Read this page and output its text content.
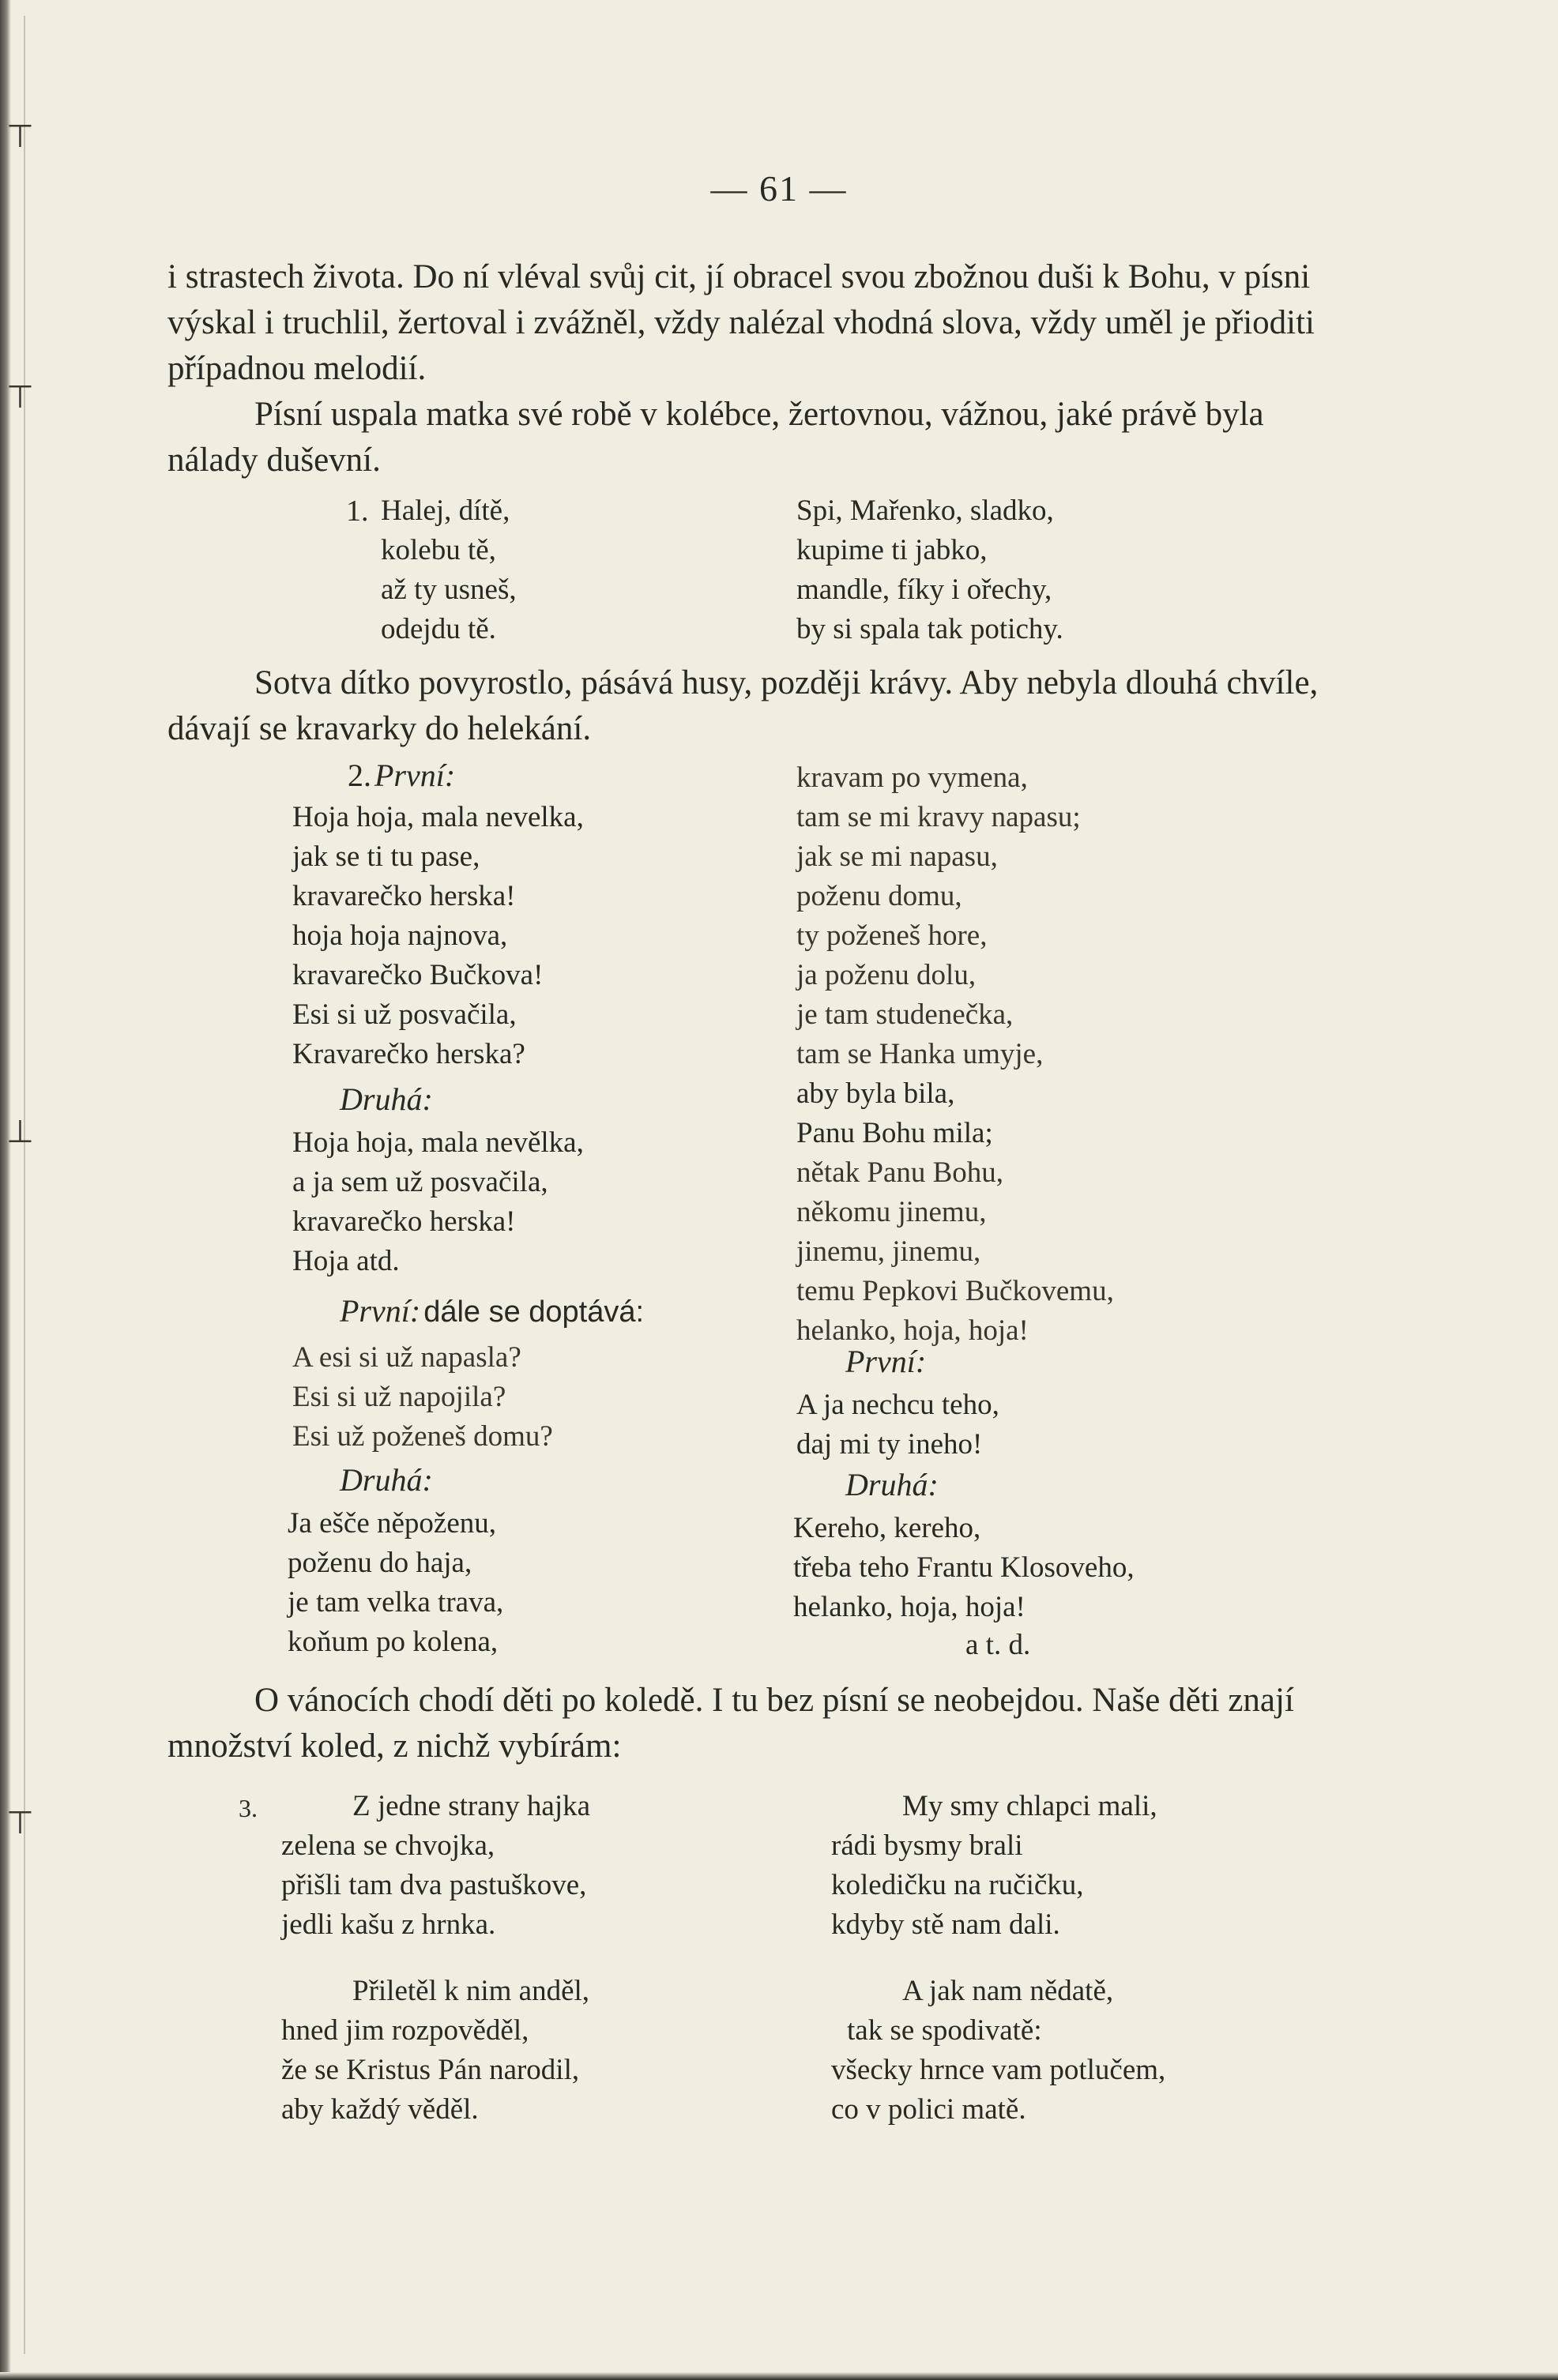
⊤
⊤
⊥
⊤
— 61 —

i strastech života. Do ní vléval svůj cit, jí obracel svou zbožnou duši k Bohu, v písni výskal i truchlil, žertoval i zvážněl, vždy nalézal vhodná slova, vždy uměl je přioditi případnou melodií.

Písní uspala matka své robě v kolébce, žertovnou, vážnou, jaké právě byla nálady duševní.

1. Halej, dítě,
kolebu tě,
až ty usneš,
odejdu tě.
Spi, Mařenko, sladko,
kupime ti jabko,
mandle, fíky i ořechy,
by si spala tak potichy.

Sotva dítko povyrostlo, pásává husy, později krávy. Aby nebyla dlouhá chvíle, dávají se kravarky do helekání.

2. První:
Hoja hoja, mala nevelka,
jak se ti tu pase,
kravarečko herska!
hoja hoja najnova,
kravarečko Bučkova!
Esi si už posvačila,
Kravarečko herska?
Druhá:
Hoja hoja, mala nevělka,
a ja sem už posvačila,
kravarečko herska!
Hoja atd.
První: dále se doptává:
A esi si už napasla?
Esi si už napojila?
Esi už poženeš domu?
Druhá:
Ja ešče něpoženu,
poženu do haja,
je tam velka trava,
koňum po kolena,
kravam po vymena,
tam se mi kravy napasu;
jak se mi napasu,
poženu domu,
ty poženeš hore,
ja poženu dolu,
je tam studenečka,
tam se Hanka umyje,
aby byla bila,
Panu Bohu mila;
nětak Panu Bohu,
někomu jinemu,
jinemu, jinemu,
temu Pepkovi Bučkovemu,
helanko, hoja, hoja!
První:
A ja nechcu teho,
daj mi ty ineho!
Druhá:
Kereho, kereho,
třeba teho Frantu Klosoveho,
helanko, hoja, hoja!
a t. d.

O vánocích chodí děti po koledě. I tu bez písní se neobejdou. Naše děti znají množství koled, z nichž vybírám:

3.	Z jedne strany hajka
zelena se chvojka,
přišli tam dva pastuškove,
jedli kašu z hrnka.
Přiletěl k nim anděl,
hned jim rozpověděl,
že se Kristus Pán narodil,
aby každý věděl.
My smy chlapci mali,
rádi bysmy brali
koledičku na ručičku,
kdyby stě nam dali.
A jak nam nědatě,
tak se spodivatě:
všecky hrnce vam potlučem,
co v polici matě.
